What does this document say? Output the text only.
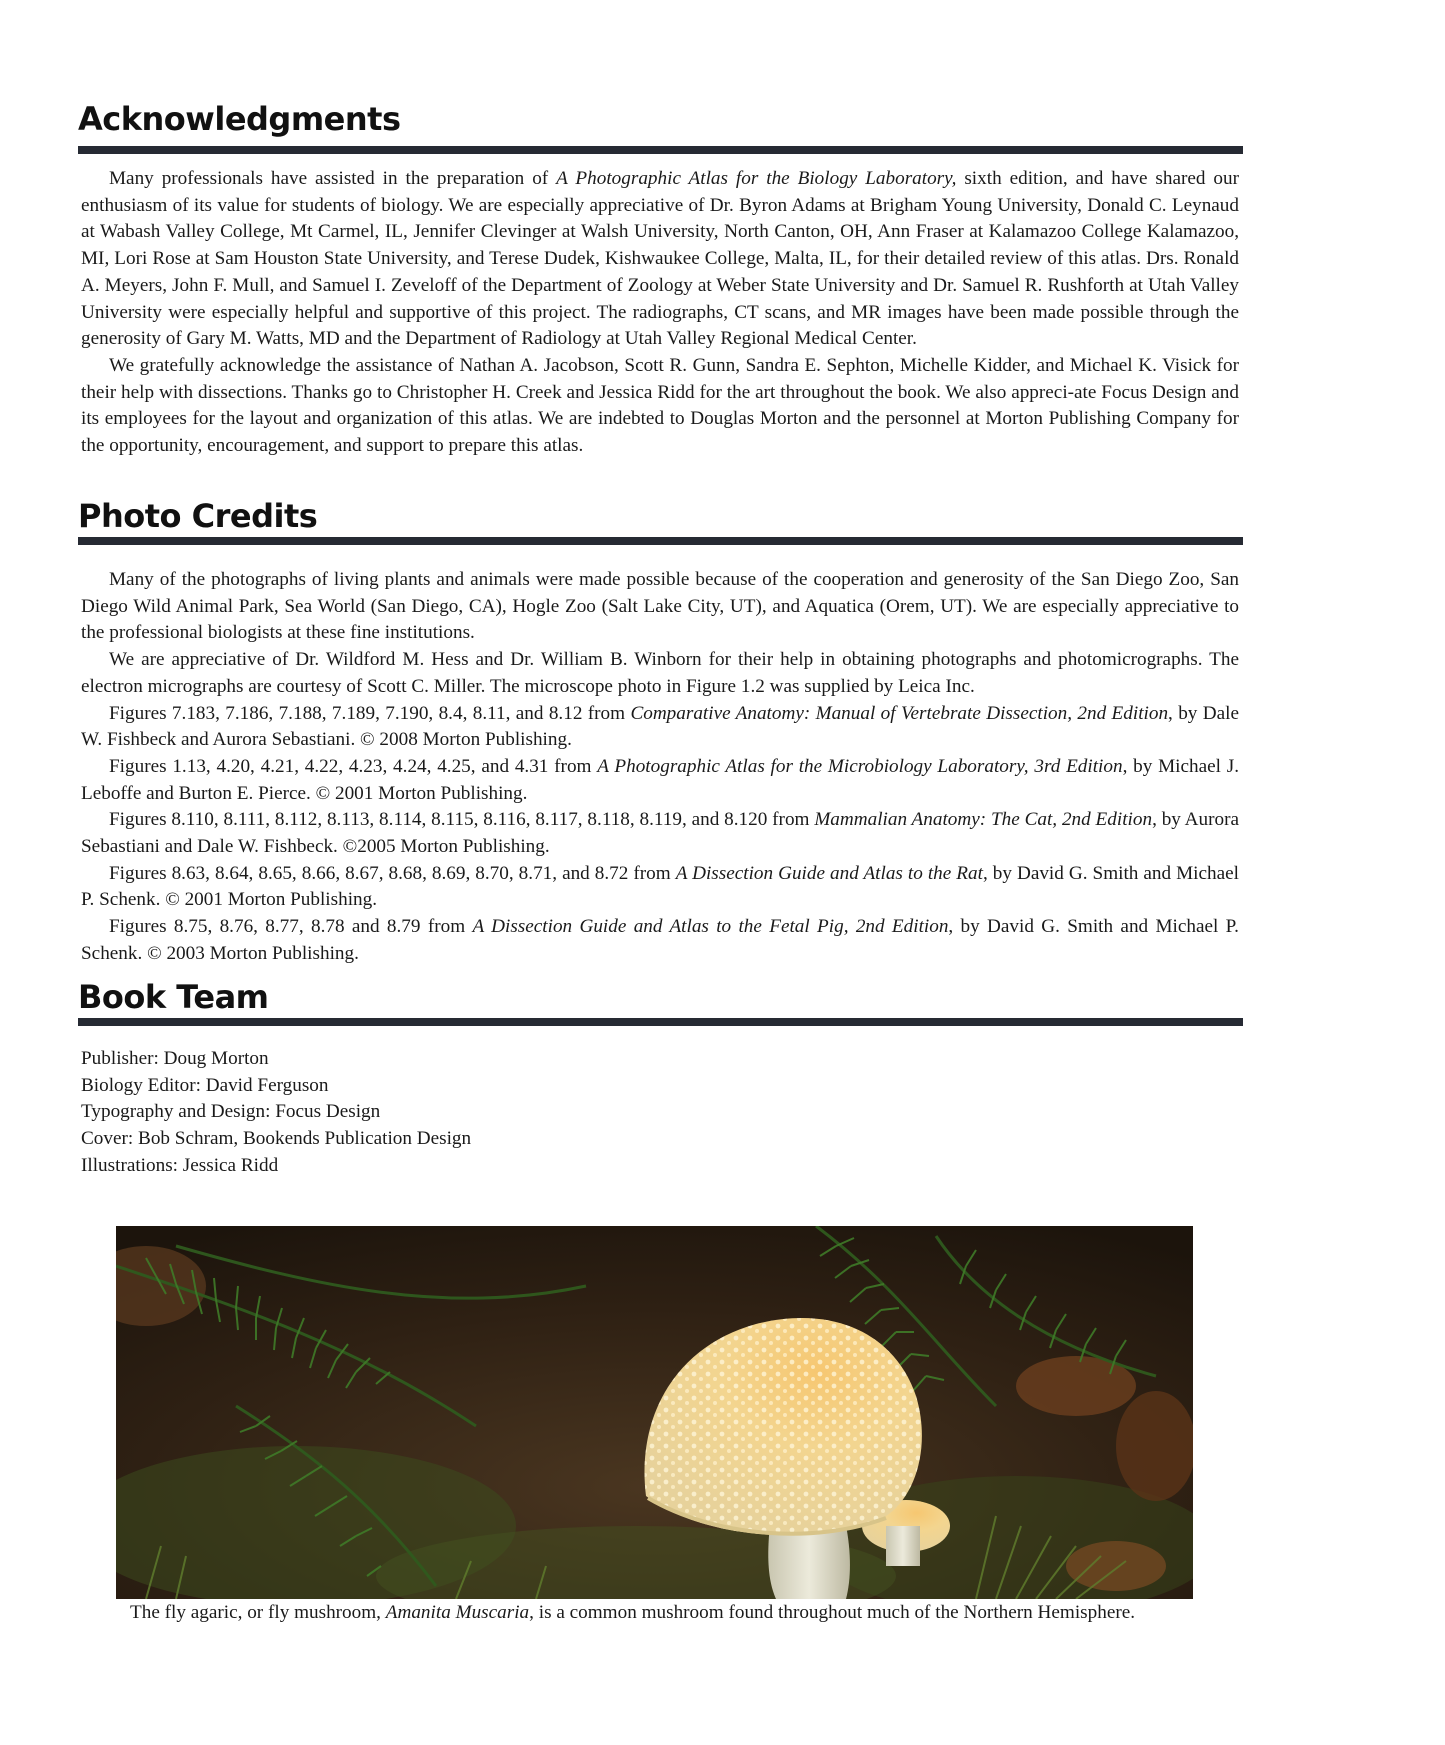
Acknowledgments

Many professionals have assisted in the preparation of A Photographic Atlas for the Biology Laboratory, sixth edition, and have shared our enthusiasm of its value for students of biology. We are especially appreciative of Dr. Byron Adams at Brigham Young University, Donald C. Leynaud at Wabash Valley College, Mt Carmel, IL, Jennifer Clevinger at Walsh University, North Canton, OH, Ann Fraser at Kalamazoo College Kalamazoo, MI, Lori Rose at Sam Houston State University, and Terese Dudek, Kishwaukee College, Malta, IL, for their detailed review of this atlas. Drs. Ronald A. Meyers, John F. Mull, and Samuel I. Zeveloff of the Department of Zoology at Weber State University and Dr. Samuel R. Rushforth at Utah Valley University were especially helpful and supportive of this project. The radiographs, CT scans, and MR images have been made possible through the generosity of Gary M. Watts, MD and the Department of Radiology at Utah Valley Regional Medical Center.

We gratefully acknowledge the assistance of Nathan A. Jacobson, Scott R. Gunn, Sandra E. Sephton, Michelle Kidder, and Michael K. Visick for their help with dissections. Thanks go to Christopher H. Creek and Jessica Ridd for the art throughout the book. We also appreci-ate Focus Design and its employees for the layout and organization of this atlas. We are indebted to Douglas Morton and the personnel at Morton Publishing Company for the opportunity, encouragement, and support to prepare this atlas.

Photo Credits

Many of the photographs of living plants and animals were made possible because of the cooperation and generosity of the San Diego Zoo, San Diego Wild Animal Park, Sea World (San Diego, CA), Hogle Zoo (Salt Lake City, UT), and Aquatica (Orem, UT). We are especially appreciative to the professional biologists at these fine institutions.

We are appreciative of Dr. Wildford M. Hess and Dr. William B. Winborn for their help in obtaining photographs and photomicrographs. The electron micrographs are courtesy of Scott C. Miller. The microscope photo in Figure 1.2 was supplied by Leica Inc.

Figures 7.183, 7.186, 7.188, 7.189, 7.190, 8.4, 8.11, and 8.12 from Comparative Anatomy: Manual of Vertebrate Dissection, 2nd Edition, by Dale W. Fishbeck and Aurora Sebastiani. © 2008 Morton Publishing.

Figures 1.13, 4.20, 4.21, 4.22, 4.23, 4.24, 4.25, and 4.31 from A Photographic Atlas for the Microbiology Laboratory, 3rd Edition, by Michael J. Leboffe and Burton E. Pierce. © 2001 Morton Publishing.

Figures 8.110, 8.111, 8.112, 8.113, 8.114, 8.115, 8.116, 8.117, 8.118, 8.119, and 8.120 from Mammalian Anatomy: The Cat, 2nd Edition, by Aurora Sebastiani and Dale W. Fishbeck. ©2005 Morton Publishing.

Figures 8.63, 8.64, 8.65, 8.66, 8.67, 8.68, 8.69, 8.70, 8.71, and 8.72 from A Dissection Guide and Atlas to the Rat, by David G. Smith and Michael P. Schenk. © 2001 Morton Publishing.

Figures 8.75, 8.76, 8.77, 8.78 and 8.79 from A Dissection Guide and Atlas to the Fetal Pig, 2nd Edition, by David G. Smith and Michael P. Schenk. © 2003 Morton Publishing.

Book Team
Publisher: Doug Morton
Biology Editor: David Ferguson
Typography and Design: Focus Design
Cover: Bob Schram, Bookends Publication Design
Illustrations: Jessica Ridd
The fly agaric, or fly mushroom, Amanita Muscaria, is a common mushroom found throughout much of the Northern Hemisphere.
